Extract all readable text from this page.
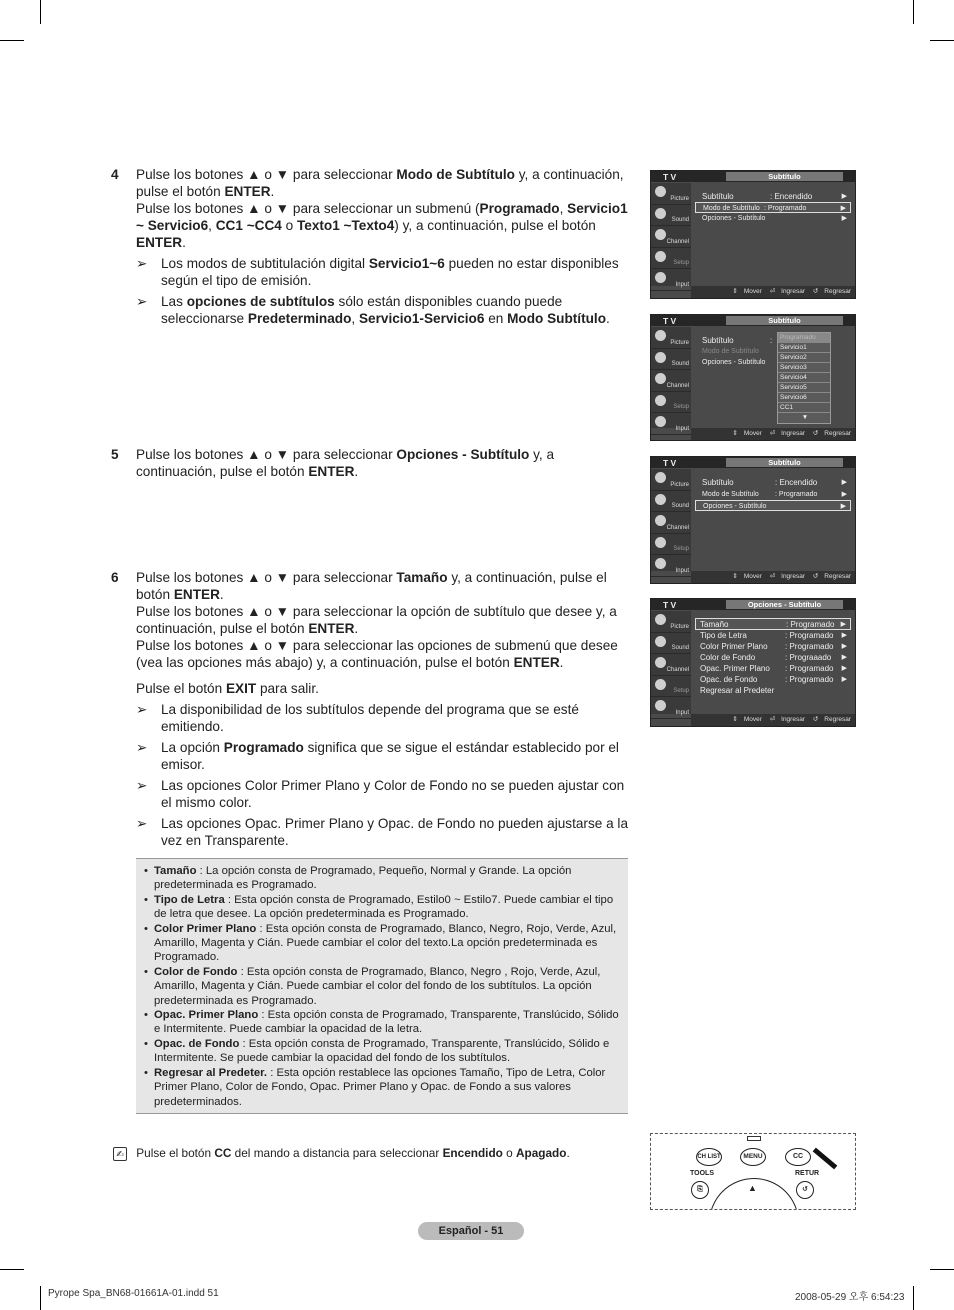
4 Pulse los botones ▲ o ▼ para seleccionar Modo de Subtítulo y, a continuación, pulse el botón ENTER.

Pulse los botones ▲ o ▼ para seleccionar un submenú (Programado, Servicio1 ~ Servicio6, CC1 ~CC4 o Texto1 ~Texto4) y, a continuación, pulse el botón ENTER.

➢ Los modos de subtitulación digital Servicio1~6 pueden no estar disponibles según el tipo de emisión.
➢ Las opciones de subtítulos sólo están disponibles cuando puede seleccionarse Predeterminado, Servicio1-Servicio6 en Modo Subtítulo.
5 Pulse los botones ▲ o ▼ para seleccionar Opciones - Subtítulo y, a continuación, pulse el botón ENTER.

6 Pulse los botones ▲ o ▼ para seleccionar Tamaño y, a continuación, pulse el botón ENTER.

Pulse los botones ▲ o ▼ para seleccionar la opción de subtítulo que desee y, a continuación, pulse el botón ENTER.

Pulse los botones ▲ o ▼ para seleccionar las opciones de submenú que desee (vea las opciones más abajo) y, a continuación, pulse el botón ENTER.

Pulse el botón EXIT para salir.

➢ La disponibilidad de los subtítulos depende del programa que se esté emitiendo.
➢ La opción Programado significa que se sigue el estándar establecido por el emisor.
➢ Las opciones Color Primer Plano y Color de Fondo no se pueden ajustar con el mismo color.
➢ Las opciones Opac. Primer Plano y Opac. de Fondo no pueden ajustarse a la vez en Transparente.
• Tamaño : La opción consta de Programado, Pequeño, Normal y Grande. La opción predeterminada es Programado.
• Tipo de Letra : Esta opción consta de Programado, Estilo0 ~ Estilo7. Puede cambiar el tipo de letra que desee. La opción predeterminada es Programado.
• Color Primer Plano : Esta opción consta de Programado, Blanco, Negro, Rojo, Verde, Azul, Amarillo, Magenta y Cián. Puede cambiar el color del texto.La opción predeterminada es Programado.
• Color de Fondo : Esta opción consta de Programado, Blanco, Negro , Rojo, Verde, Azul, Amarillo, Magenta y Cián. Puede cambiar el color del fondo de los subtítulos. La opción predeterminada es Programado.
• Opac. Primer Plano : Esta opción consta de Programado, Transparente, Translúcido, Sólido e Intermitente. Puede cambiar la opacidad de la letra.
• Opac. de Fondo : Esta opción consta de Programado, Transparente, Translúcido, Sólido e Intermitente. Se puede cambiar la opacidad del fondo de los subtítulos.
• Regresar al Predeter. : Esta opción restablece las opciones Tamaño, Tipo de Letra, Color Primer Plano, Color de Fondo, Opac. Primer Plano y Opac. de Fondo a sus valores predeterminados.
✍ Pulse el botón CC del mando a distancia para seleccionar Encendido o Apagado.
T V	Subtítulo
Picture
Sound
Channel
Setup
Input
Subtítulo	: Encendido	▶
Modo de Subtítulo : Programado	▶
Opciones - Subtítulo	▶
⇕ Mover ⏎ Ingresar ↺ Regresar
T V	Subtítulo
Picture
Sound
Channel
Setup
Input
Subtítulo	:
Modo de Subtítulo
Opciones - Subtítulo
Programado
Servicio1
Servicio2
Servicio3
Servicio4
Servicio5
Servicio6
CC1
▼
⇕ Mover ⏎ Ingresar ↺ Regresar
T V	Subtítulo
Picture
Sound
Channel
Setup
Input
Subtítulo	: Encendido	▶
Modo de Subtítulo : Programado	▶
Opciones - Subtítulo	▶
⇕ Mover ⏎ Ingresar ↺ Regresar
T V	Opciones - Subtítulo
Picture
Sound
Channel
Setup
Input
Tamaño	: Programado ▶
Tipo de Letra	: Programado ▶
Color Primer Plano : Programado ▶
Color de Fondo	: Prograaado ▶
Opac. Primer Plano : Programado ▶
Opac. de Fondo	: Programado ▶
Regresar al Predeter
⇕ Mover ⏎ Ingresar ↺ Regresar
CH LIST	MENU	CC
TOOLS	RETUR
⎘	↺
▲
Español - 51
Pyrope Spa_BN68-01661A-01.indd 51	2008-05-29 오후 6:54:23
